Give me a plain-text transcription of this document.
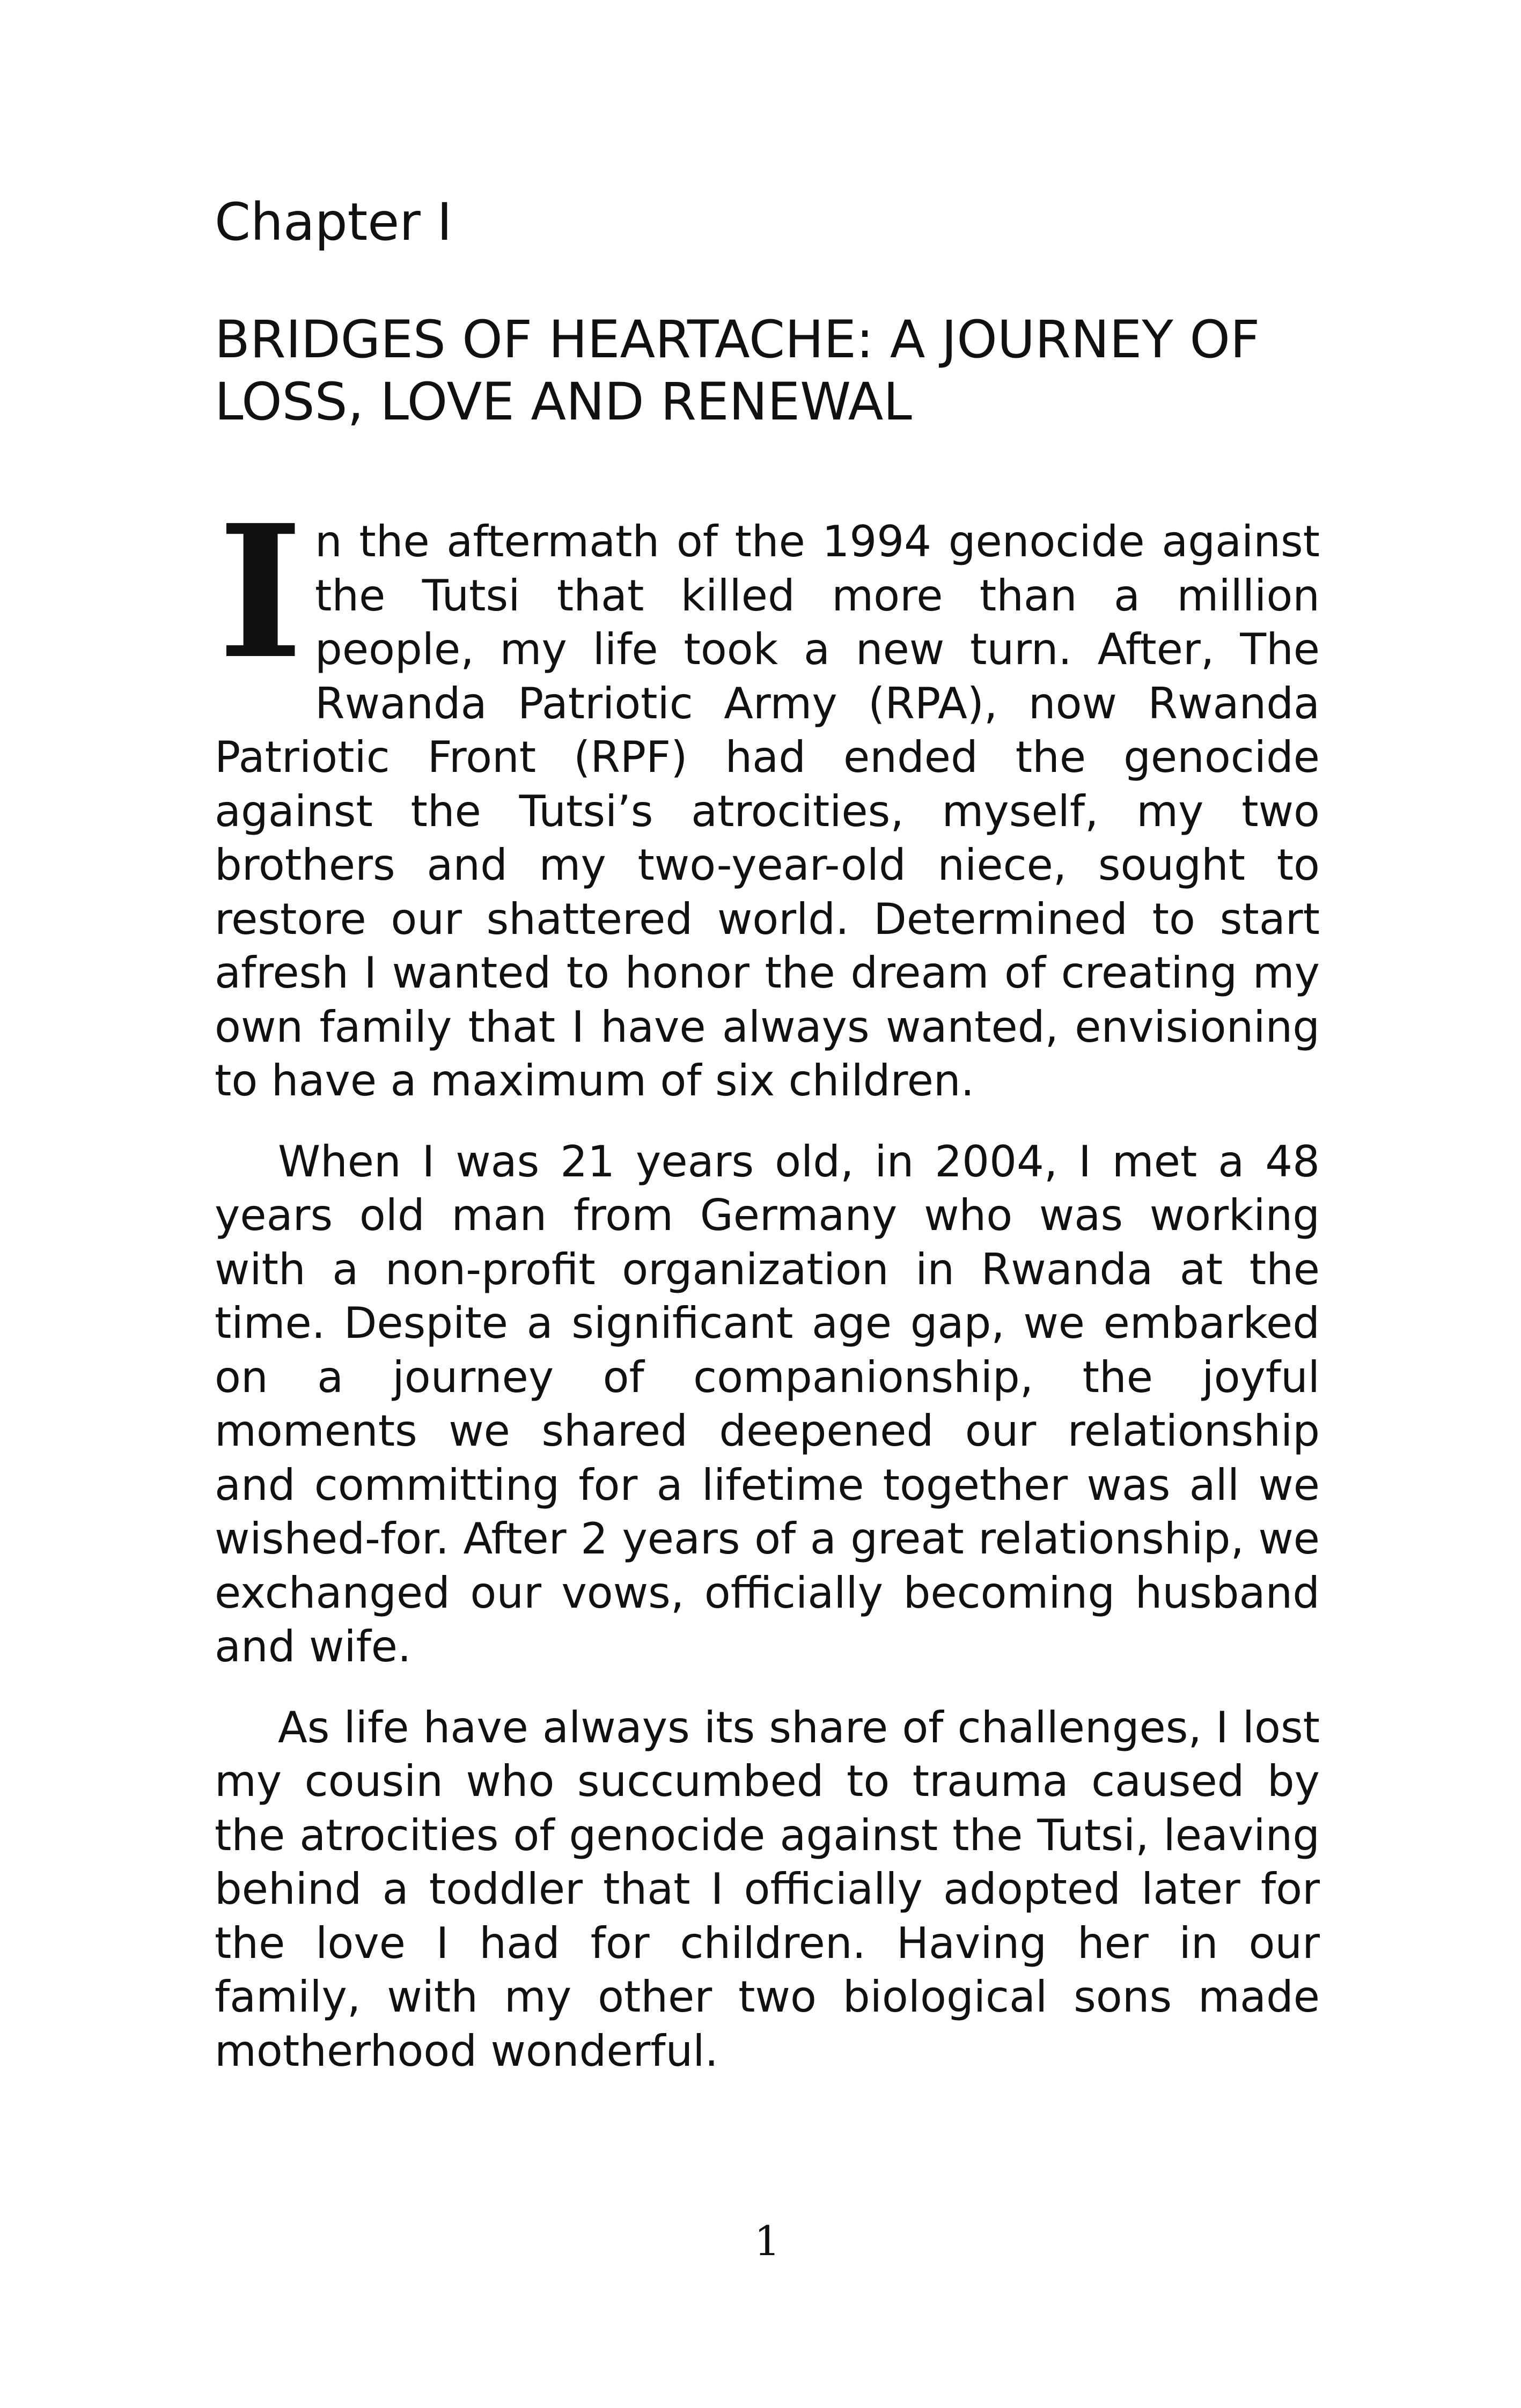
Chapter I
BRIDGES OF HEARTACHE: A JOURNEY OF LOSS, LOVE AND RENEWAL

In the aftermath of the 1994 genocide against the Tutsi that killed more than a million people, my life took a new turn. After, The Rwanda Patriotic Army (RPA), now Rwanda Patriotic Front (RPF) had ended the genocide against the Tutsi’s atrocities, myself, my two brothers and my two-year-old niece, sought to restore our shattered world. Determined to start afresh I wanted to honor the dream of creating my own family that I have always wanted, envisioning to have a maximum of six children.

When I was 21 years old, in 2004, I met a 48 years old man from Germany who was working with a non-profit organization in Rwanda at the time. Despite a significant age gap, we embarked on a journey of companionship, the joyful moments we shared deepened our relationship and committing for a lifetime together was all we wished-for. After 2 years of a great relationship, we exchanged our vows, officially becoming husband and wife.

As life have always its share of challenges, I lost my cousin who succumbed to trauma caused by the atrocities of genocide against the Tutsi, leaving behind a toddler that I officially adopted later for the love I had for children. Having her in our family, with my other two biological sons made motherhood wonderful.

1
